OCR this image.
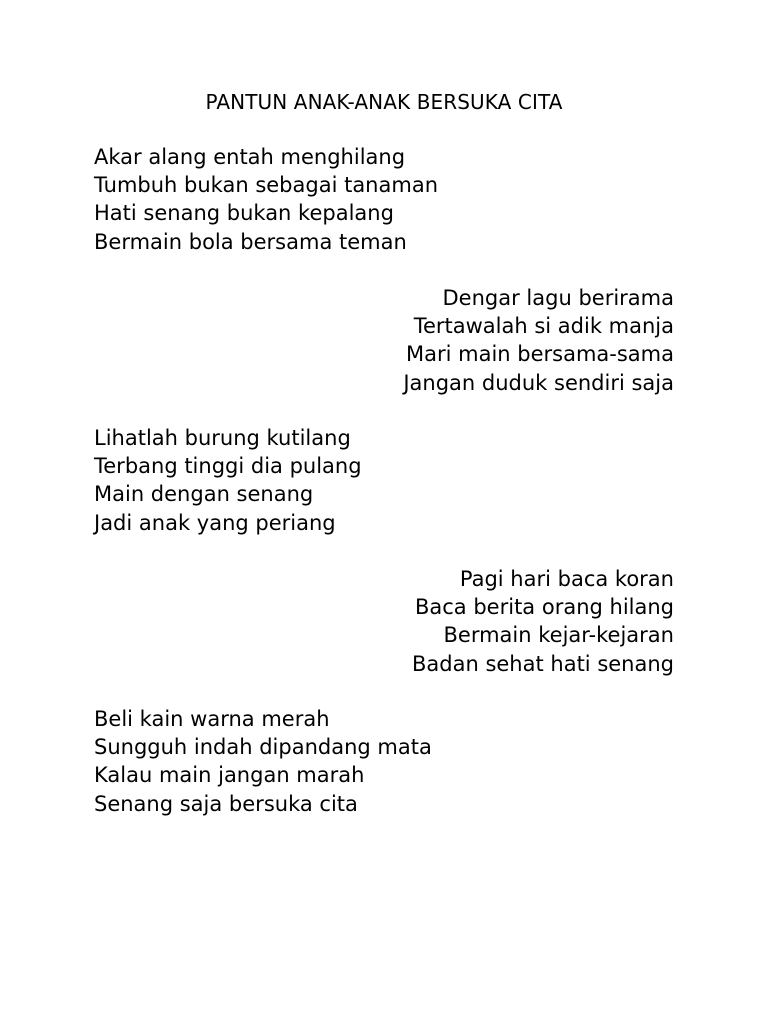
PANTUN ANAK-ANAK BERSUKA CITA
Akar alang entah menghilang
Tumbuh bukan sebagai tanaman
Hati senang bukan kepalang
Bermain bola bersama teman
Dengar lagu berirama
Tertawalah si adik manja
Mari main bersama-sama
Jangan duduk sendiri saja
Lihatlah burung kutilang
Terbang tinggi dia pulang
Main dengan senang
Jadi anak yang periang
Pagi hari baca koran
Baca berita orang hilang
Bermain kejar-kejaran
Badan sehat hati senang
Beli kain warna merah
Sungguh indah dipandang mata
Kalau main jangan marah
Senang saja bersuka cita
